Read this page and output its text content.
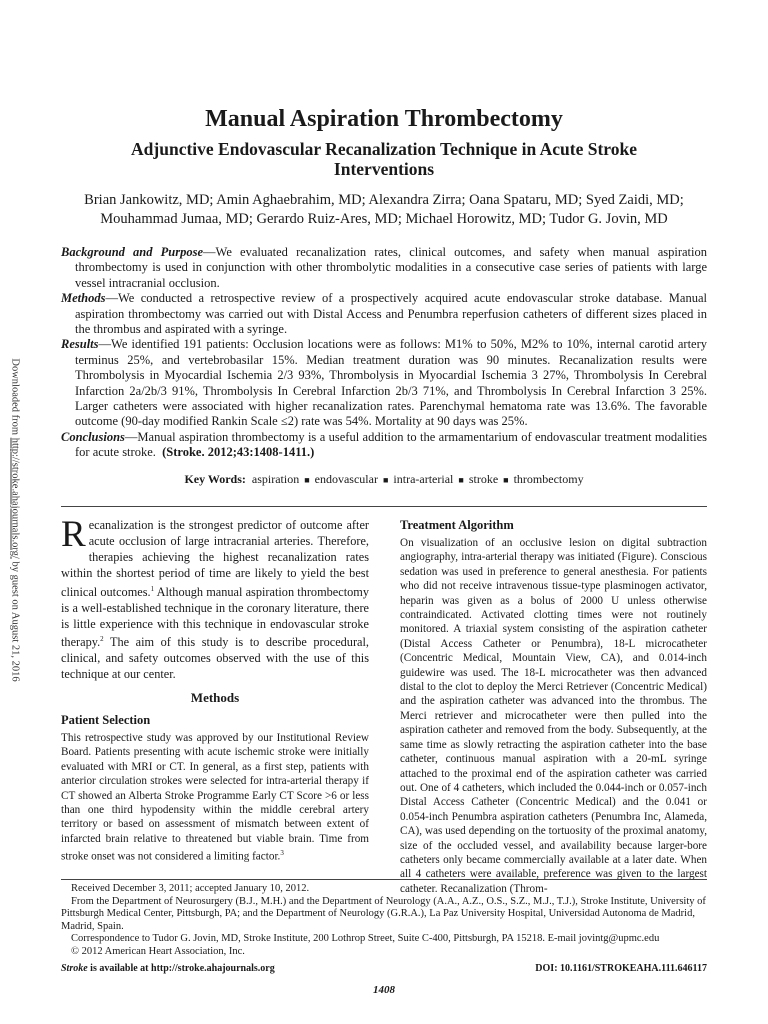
Downloaded from http://stroke.ahajournals.org/ by guest on August 21, 2016
Manual Aspiration Thrombectomy
Adjunctive Endovascular Recanalization Technique in Acute Stroke Interventions
Brian Jankowitz, MD; Amin Aghaebrahim, MD; Alexandra Zirra; Oana Spataru, MD; Syed Zaidi, MD; Mouhammad Jumaa, MD; Gerardo Ruiz-Ares, MD; Michael Horowitz, MD; Tudor G. Jovin, MD

Background and Purpose—We evaluated recanalization rates, clinical outcomes, and safety when manual aspiration thrombectomy is used in conjunction with other thrombolytic modalities in a consecutive case series of patients with large vessel intracranial occlusion.

Methods—We conducted a retrospective review of a prospectively acquired acute endovascular stroke database. Manual aspiration thrombectomy was carried out with Distal Access and Penumbra reperfusion catheters of different sizes placed in the thrombus and aspirated with a syringe.

Results—We identified 191 patients: Occlusion locations were as follows: M1% to 50%, M2% to 10%, internal carotid artery terminus 25%, and vertebrobasilar 15%. Median treatment duration was 90 minutes. Recanalization results were Thrombolysis in Myocardial Ischemia 2/3 93%, Thrombolysis in Myocardial Ischemia 3 27%, Thrombolysis In Cerebral Infarction 2a/2b/3 91%, Thrombolysis In Cerebral Infarction 2b/3 71%, and Thrombolysis In Cerebral Infarction 3 25%. Larger catheters were associated with higher recanalization rates. Parenchymal hematoma rate was 13.6%. The favorable outcome (90-day modified Rankin Scale ≤2) rate was 54%. Mortality at 90 days was 25%.

Conclusions—Manual aspiration thrombectomy is a useful addition to the armamentarium of endovascular treatment modalities for acute stroke. (Stroke. 2012;43:1408-1411.)

Key Words: aspiration ■ endovascular ■ intra-arterial ■ stroke ■ thrombectomy
Recanalization is the strongest predictor of outcome after acute occlusion of large intracranial arteries. Therefore, therapies achieving the highest recanalization rates within the shortest period of time are likely to yield the best clinical outcomes.$^1$ Although manual aspiration thrombectomy is a well-established technique in the coronary literature, there is little experience with this technique in endovascular stroke therapy.$^2$ The aim of this study is to describe procedural, clinical, and safety outcomes observed with the use of this technique at our center.
Methods
Patient Selection

This retrospective study was approved by our Institutional Review Board. Patients presenting with acute ischemic stroke were initially evaluated with MRI or CT. In general, as a first step, patients with anterior circulation strokes were selected for intra-arterial therapy if CT showed an Alberta Stroke Programme Early CT Score >6 or less than one third hypodensity within the middle cerebral artery territory or based on assessment of mismatch between extent of infarcted brain relative to threatened but viable brain. Time from stroke onset was not considered a limiting factor.$^3$

Treatment Algorithm

On visualization of an occlusive lesion on digital subtraction angiography, intra-arterial therapy was initiated (Figure). Conscious sedation was used in preference to general anesthesia. For patients who did not receive intravenous tissue-type plasminogen activator, heparin was given as a bolus of 2000 U unless otherwise contraindicated. Activated clotting times were not routinely monitored. A triaxial system consisting of the aspiration catheter (Distal Access Catheter or Penumbra), 18-L microcatheter (Concentric Medical, Mountain View, CA), and 0.014-inch guidewire was used. The 18-L microcatheter was then advanced distal to the clot to deploy the Merci Retriever (Concentric Medical) and the aspiration catheter was advanced into the thrombus. The Merci retriever and microcatheter were then pulled into the aspiration catheter and removed from the body. Subsequently, at the same time as slowly retracting the aspiration catheter into the base catheter, continuous manual aspiration with a 20-mL syringe attached to the proximal end of the aspiration catheter was carried out. One of 4 catheters, which included the 0.044-inch or 0.057-inch Distal Access Catheter (Concentric Medical) and the 0.041 or 0.054-inch Penumbra aspiration catheters (Penumbra Inc, Alameda, CA), was used depending on the tortuosity of the proximal anatomy, size of the occluded vessel, and availability because larger-bore catheters only became commercially available at a later date. When all 4 catheters were available, preference was given to the largest catheter. Recanalization (Throm-

Received December 3, 2011; accepted January 10, 2012.

From the Department of Neurosurgery (B.J., M.H.) and the Department of Neurology (A.A., A.Z., O.S., S.Z., M.J., T.J.), Stroke Institute, University of Pittsburgh Medical Center, Pittsburgh, PA; and the Department of Neurology (G.R.A.), La Paz University Hospital, Universidad Autonoma de Madrid, Madrid, Spain.

Correspondence to Tudor G. Jovin, MD, Stroke Institute, 200 Lothrop Street, Suite C-400, Pittsburgh, PA 15218. E-mail jovintg@upmc.edu

© 2012 American Heart Association, Inc.

Stroke is available at http://stroke.ahajournals.org	DOI: 10.1161/STROKEAHA.111.646117
1408
